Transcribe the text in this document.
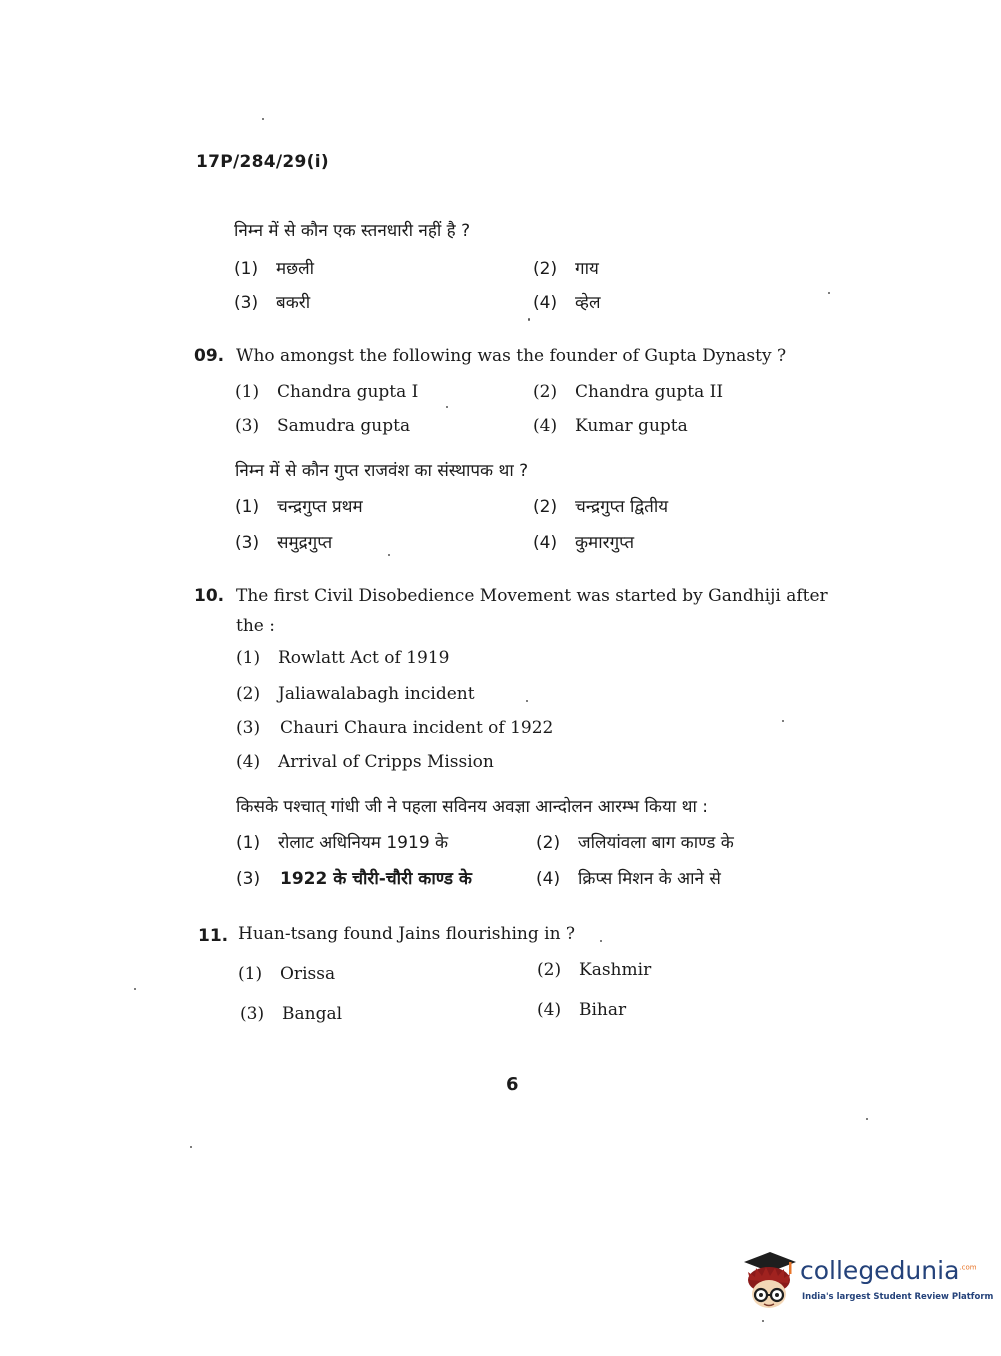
17P/284/29(i)
निम्न में से कौन एक स्तनधारी नहीं है ?
(1) मछली	(2) गाय
(3) बकरी	(4) व्हेल
09. Who amongst the following was the founder of Gupta Dynasty ?
(1) Chandra gupta I	(2) Chandra gupta II
(3) Samudra gupta	(4) Kumar gupta
निम्न में से कौन गुप्त राजवंश का संस्थापक था ?
(1) चन्द्रगुप्त प्रथम	(2) चन्द्रगुप्त द्वितीय
(3) समुद्रगुप्त	(4) कुमारगुप्त
10. The first Civil Disobedience Movement was started by Gandhiji after
the :
(1) Rowlatt Act of 1919
(2) Jaliawalabagh incident
(3) Chauri Chaura incident of 1922
(4) Arrival of Cripps Mission
किसके पश्चात् गांधी जी ने पहला सविनय अवज्ञा आन्दोलन आरम्भ किया था :
(1) रोलाट अधिनियम 1919 के	(2) जलियांवला बाग काण्ड के
(3) 1922 के चौरी-चौरी काण्ड के	(4) क्रिप्स मिशन के आने से
11. Huan-tsang found Jains flourishing in ?
(1) Orissa	(2) Kashmir
(3) Bangal	(4) Bihar
6
collegedunia$^{.com}$
India's largest Student Review Platform
